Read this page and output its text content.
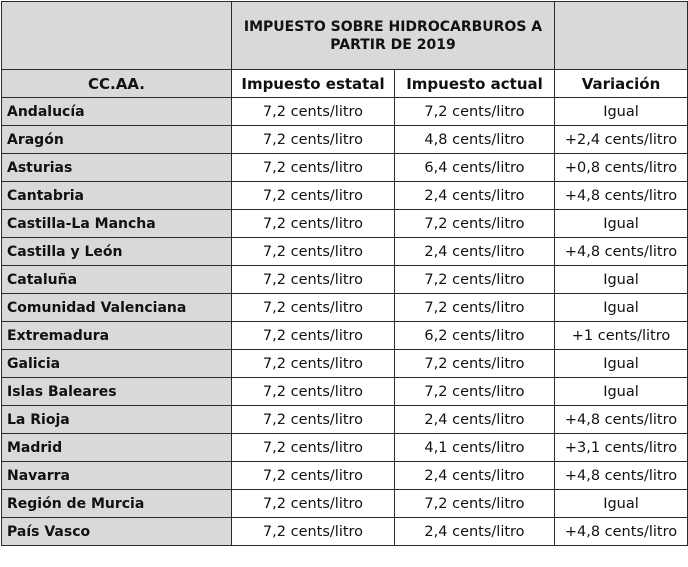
	IMPUESTO SOBRE HIDROCARBUROS A PARTIR DE 2019		
CC.AA.	Impuesto estatal	Impuesto actual	Variación
Andalucía	7,2 cents/litro	7,2 cents/litro	Igual
Aragón	7,2 cents/litro	4,8 cents/litro	+2,4 cents/litro
Asturias	7,2 cents/litro	6,4 cents/litro	+0,8 cents/litro
Cantabria	7,2 cents/litro	2,4 cents/litro	+4,8 cents/litro
Castilla-La Mancha	7,2 cents/litro	7,2 cents/litro	Igual
Castilla y León	7,2 cents/litro	2,4 cents/litro	+4,8 cents/litro
Cataluña	7,2 cents/litro	7,2 cents/litro	Igual
Comunidad Valenciana	7,2 cents/litro	7,2 cents/litro	Igual
Extremadura	7,2 cents/litro	6,2 cents/litro	+1 cents/litro
Galicia	7,2 cents/litro	7,2 cents/litro	Igual
Islas Baleares	7,2 cents/litro	7,2 cents/litro	Igual
La Rioja	7,2 cents/litro	2,4 cents/litro	+4,8 cents/litro
Madrid	7,2 cents/litro	4,1 cents/litro	+3,1 cents/litro
Navarra	7,2 cents/litro	2,4 cents/litro	+4,8 cents/litro
Región de Murcia	7,2 cents/litro	7,2 cents/litro	Igual
País Vasco	7,2 cents/litro	2,4 cents/litro	+4,8 cents/litro
